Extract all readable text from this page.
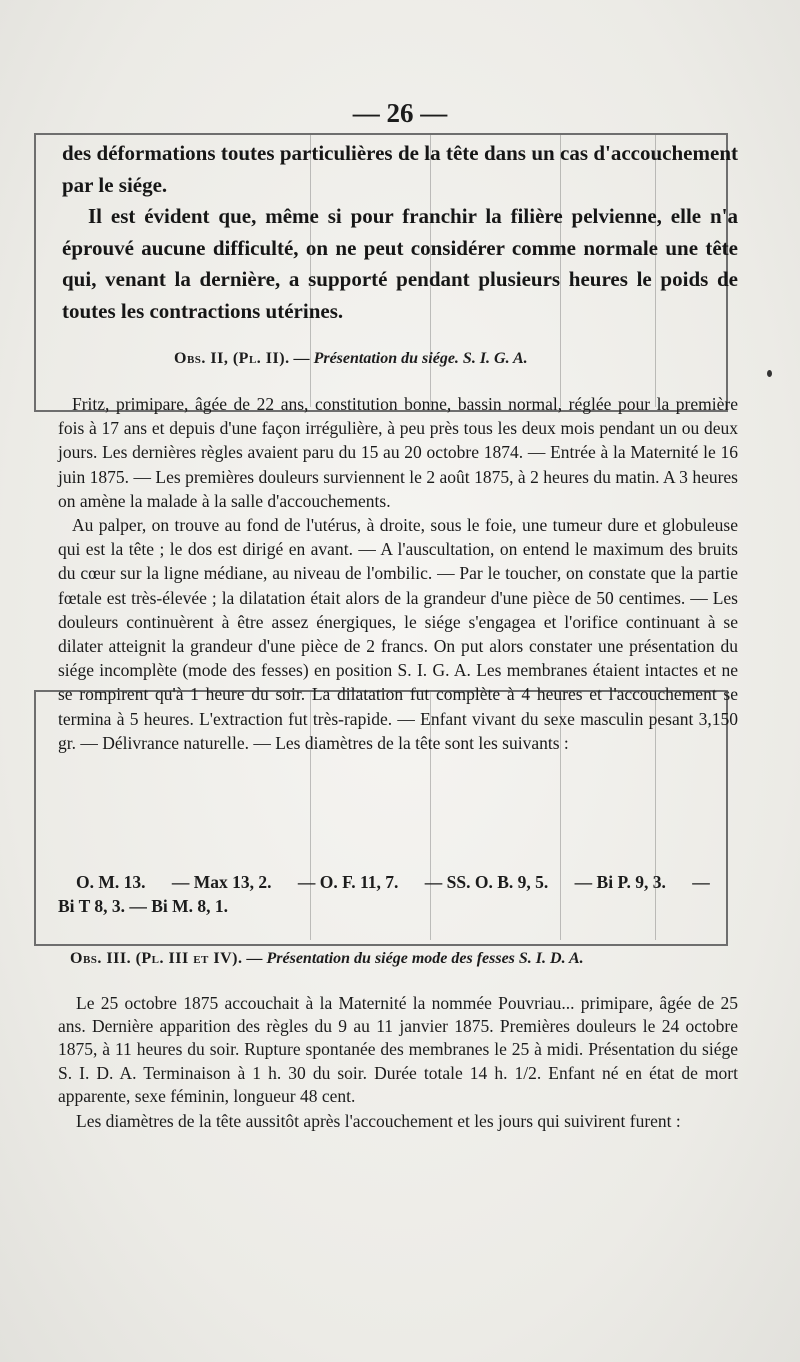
— 26 —

des déformations toutes particulières de la tête dans un cas d'accouchement par le siége.

Il est évident que, même si pour franchir la filière pelvienne, elle n'a éprouvé aucune difficulté, on ne peut considérer comme normale une tête qui, venant la dernière, a supporté pendant plusieurs heures le poids de toutes les contractions utérines.

Obs. II, (Pl. II). — Présentation du siége. S. I. G. A.

Fritz, primipare, âgée de 22 ans, constitution bonne, bassin normal, réglée pour la première fois à 17 ans et depuis d'une façon irrégulière, à peu près tous les deux mois pendant un ou deux jours. Les dernières règles avaient paru du 15 au 20 octobre 1874. — Entrée à la Maternité le 16 juin 1875. — Les premières douleurs surviennent le 2 août 1875, à 2 heures du matin. A 3 heures on amène la malade à la salle d'accouchements.

Au palper, on trouve au fond de l'utérus, à droite, sous le foie, une tumeur dure et globuleuse qui est la tête ; le dos est dirigé en avant. — A l'auscultation, on entend le maximum des bruits du cœur sur la ligne médiane, au niveau de l'ombilic. — Par le toucher, on constate que la partie fœtale est très-élevée ; la dilatation était alors de la grandeur d'une pièce de 50 centimes. — Les douleurs continuèrent à être assez énergiques, le siége s'engagea et l'orifice continuant à se dilater atteignit la grandeur d'une pièce de 2 francs. On put alors constater une présentation du siége incomplète (mode des fesses) en position S. I. G. A. Les membranes étaient intactes et ne se rompirent qu'à 1 heure du soir. La dilatation fut complète à 4 heures et l'accouchement se termina à 5 heures. L'extraction fut très-rapide. — Enfant vivant du sexe masculin pesant 3,150 gr. — Délivrance naturelle. — Les diamètres de la tête sont les suivants :

O. M. 13. — Max 13, 2. — O. F. 11, 7. — SS. O. B. 9, 5. — Bi P. 9, 3. —
Bi T 8, 3. — Bi M. 8, 1.
Obs. III. (Pl. III et IV). — Présentation du siége mode des fesses S. I. D. A.

Le 25 octobre 1875 accouchait à la Maternité la nommée Pouvriau... primipare, âgée de 25 ans. Dernière apparition des règles du 9 au 11 janvier 1875. Premières douleurs le 24 octobre 1875, à 11 heures du soir. Rupture spontanée des membranes le 25 à midi. Présentation du siége S. I. D. A. Terminaison à 1 h. 30 du soir. Durée totale 14 h. 1/2. Enfant né en état de mort apparente, sexe féminin, longueur 48 cent.

Les diamètres de la tête aussitôt après l'accouchement et les jours qui suivirent furent :
